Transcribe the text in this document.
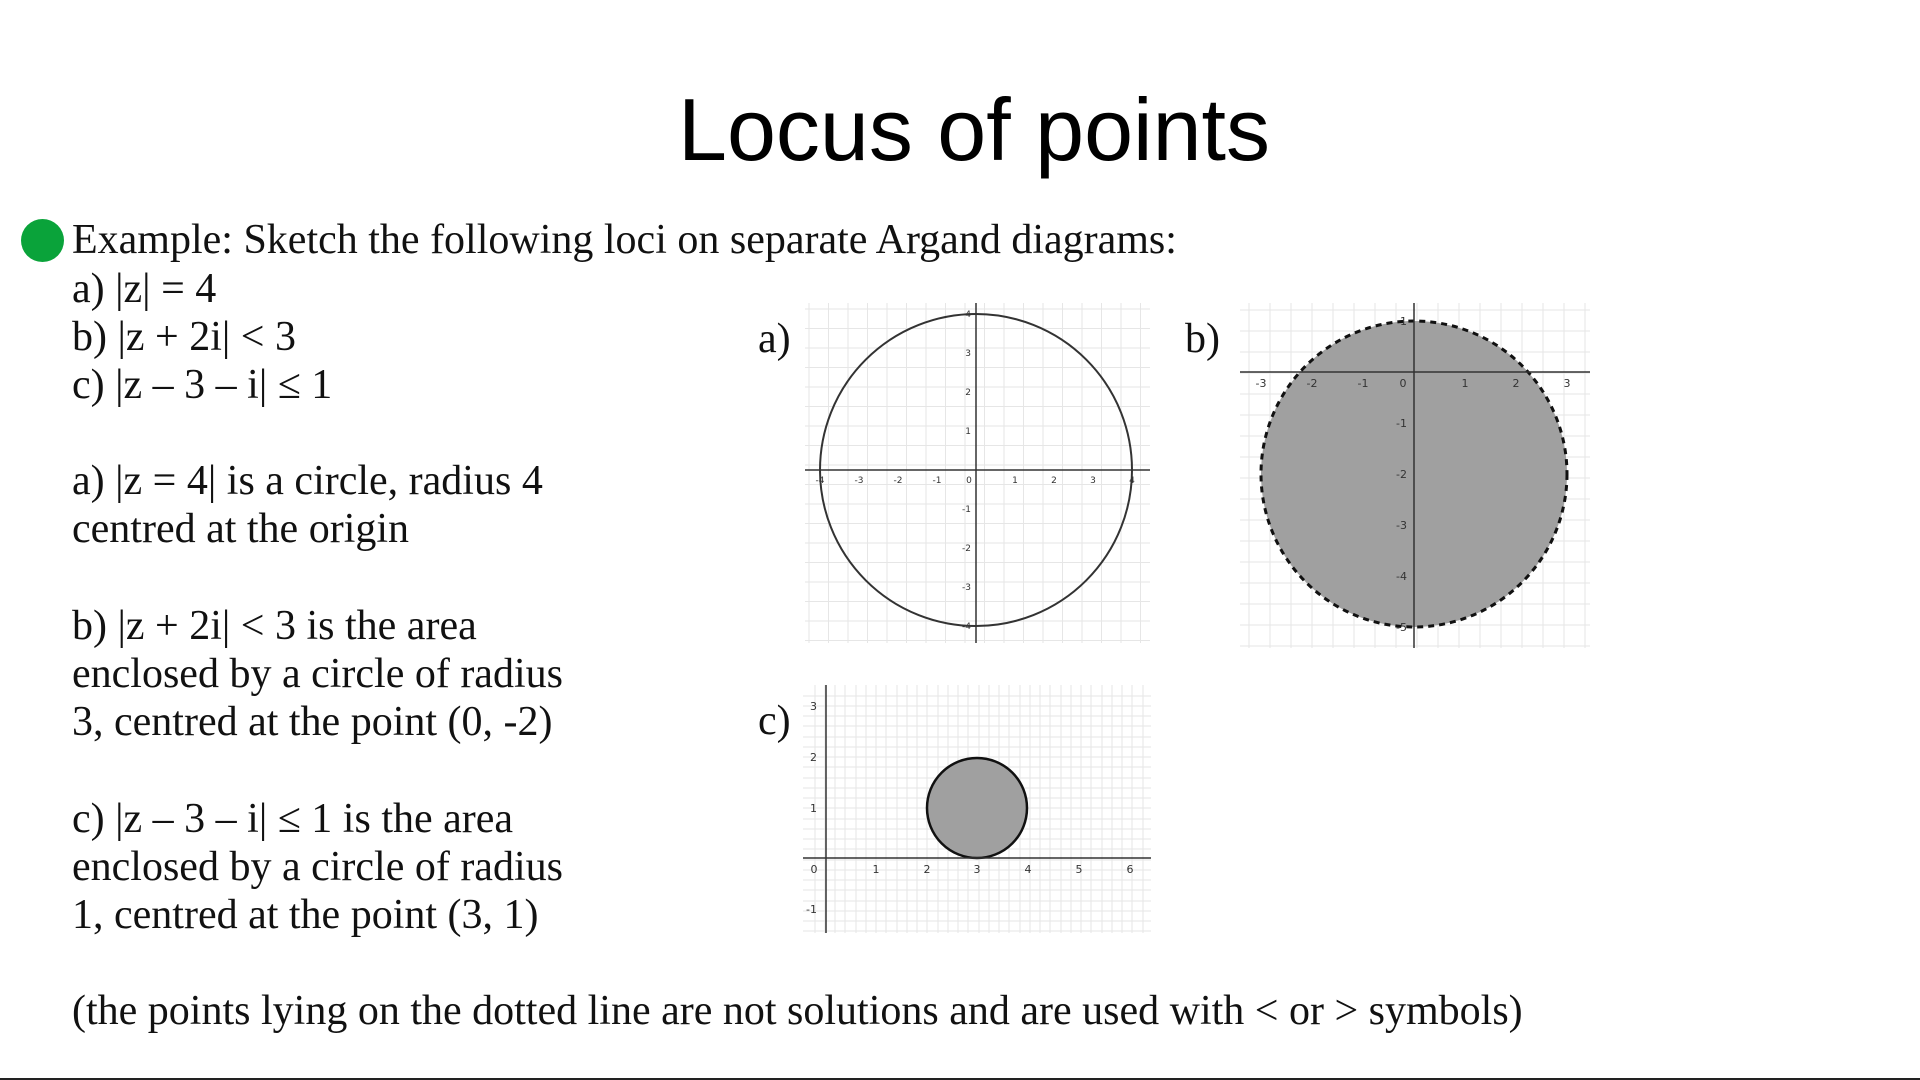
Locus of points
Example: Sketch the following loci on separate Argand diagrams:
a) |z| = 4
b) |z + 2i| < 3
c) |z – 3 – i| ≤ 1
a) |z = 4| is a circle, radius 4
centred at the origin
b) |z + 2i| < 3 is the area
enclosed by a circle of radius
3, centred at the point (0, -2)
c) |z – 3 – i| ≤ 1 is the area
enclosed by a circle of radius
1, centred at the point (3, 1)
(the points lying on the dotted line are not solutions and are used with < or > symbols)
a)	b)
c)
-4	-3	-2	-1	0	1	2	3	4
4
3
2
1
-1
-2
-3
-4
-3	-2	-1	0	1	2	3
1
-1
-2
-3
-4
-5
0	1	2	3	4	5	6
3
2
1
-1
